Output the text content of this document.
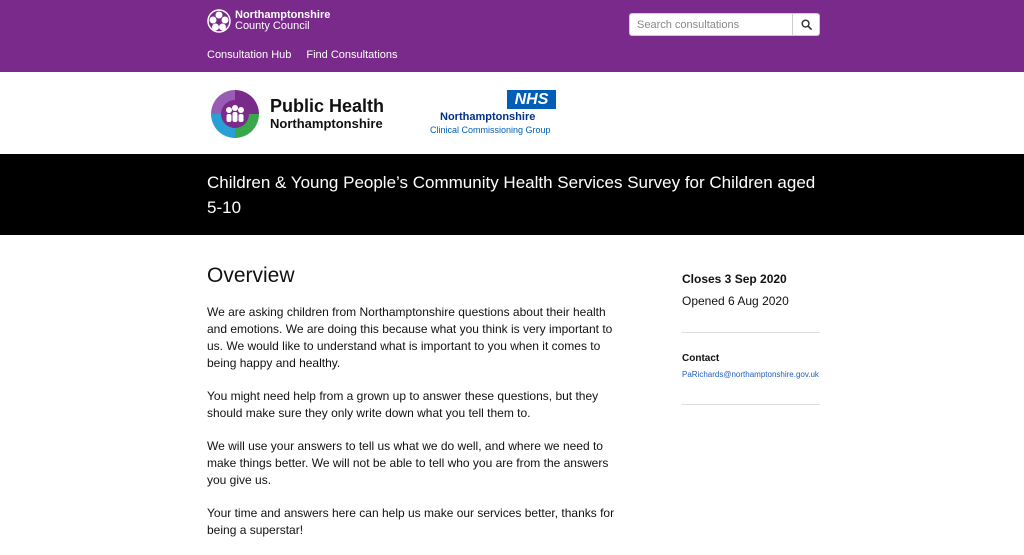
Northamptonshire
County Council
Search consultations
Consultation Hub Find Consultations
Public Health
Northamptonshire
NHS
Northamptonshire
Clinical Commissioning Group
Children & Young People’s Community Health Services Survey for Children aged 5-10
Overview

We are asking children from Northamptonshire questions about their health and emotions. We are doing this because what you think is very important to us. We would like to understand what is important to you when it comes to being happy and healthy.

You might need help from a grown up to answer these questions, but they should make sure they only write down what you tell them to.

We will use your answers to tell us what we do well, and where we need to make things better. We will not be able to tell who you are from the answers you give us.

Your time and answers here can help us make our services better, thanks for being a superstar!

Closes 3 Sep 2020
Opened 6 Aug 2020
Contact
PaRichards@northamptonshire.gov.uk
